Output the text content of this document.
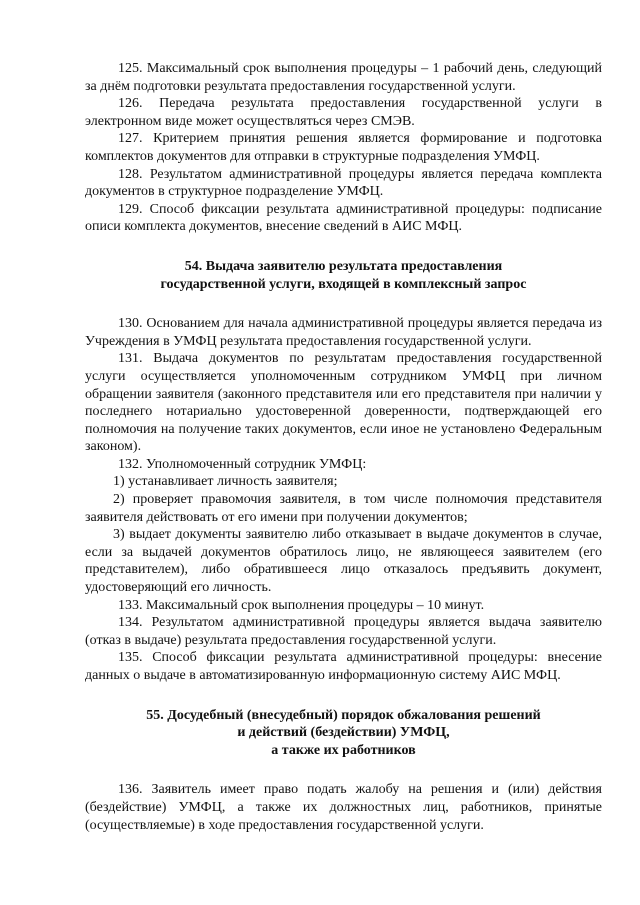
125. Максимальный срок выполнения процедуры – 1 рабочий день, следующий за днём подготовки результата предоставления государственной услуги.

126. Передача результата предоставления государственной услуги в электронном виде может осуществляться через СМЭВ.

127. Критерием принятия решения является формирование и подготовка комплектов документов для отправки в структурные подразделения УМФЦ.

128. Результатом административной процедуры является передача комплекта документов в структурное подразделение УМФЦ.

129. Способ фиксации результата административной процедуры: подписание описи комплекта документов, внесение сведений в АИС МФЦ.

54. Выдача заявителю результата предоставления
государственной услуги, входящей в комплексный запрос

130. Основанием для начала административной процедуры является передача из Учреждения в УМФЦ результата предоставления государственной услуги.

131. Выдача документов по результатам предоставления государственной услуги осуществляется уполномоченным сотрудником УМФЦ при личном обращении заявителя (законного представителя или его представителя при наличии у последнего нотариально удостоверенной доверенности, подтверждающей его полномочия на получение таких документов, если иное не установлено Федеральным законом).

132. Уполномоченный сотрудник УМФЦ:

1) устанавливает личность заявителя;

2) проверяет правомочия заявителя, в том числе полномочия представителя заявителя действовать от его имени при получении документов;

3) выдает документы заявителю либо отказывает в выдаче документов в случае, если за выдачей документов обратилось лицо, не являющееся заявителем (его представителем), либо обратившееся лицо отказалось предъявить документ, удостоверяющий его личность.

133. Максимальный срок выполнения процедуры – 10 минут.

134. Результатом административной процедуры является выдача заявителю (отказ в выдаче) результата предоставления государственной услуги.

135. Способ фиксации результата административной процедуры: внесение данных о выдаче в автоматизированную информационную систему АИС МФЦ.

55. Досудебный (внесудебный) порядок обжалования решений
и действий (бездействии) УМФЦ,
а также их работников

136. Заявитель имеет право подать жалобу на решения и (или) действия (бездействие) УМФЦ, а также их должностных лиц, работников, принятые (осуществляемые) в ходе предоставления государственной услуги.
